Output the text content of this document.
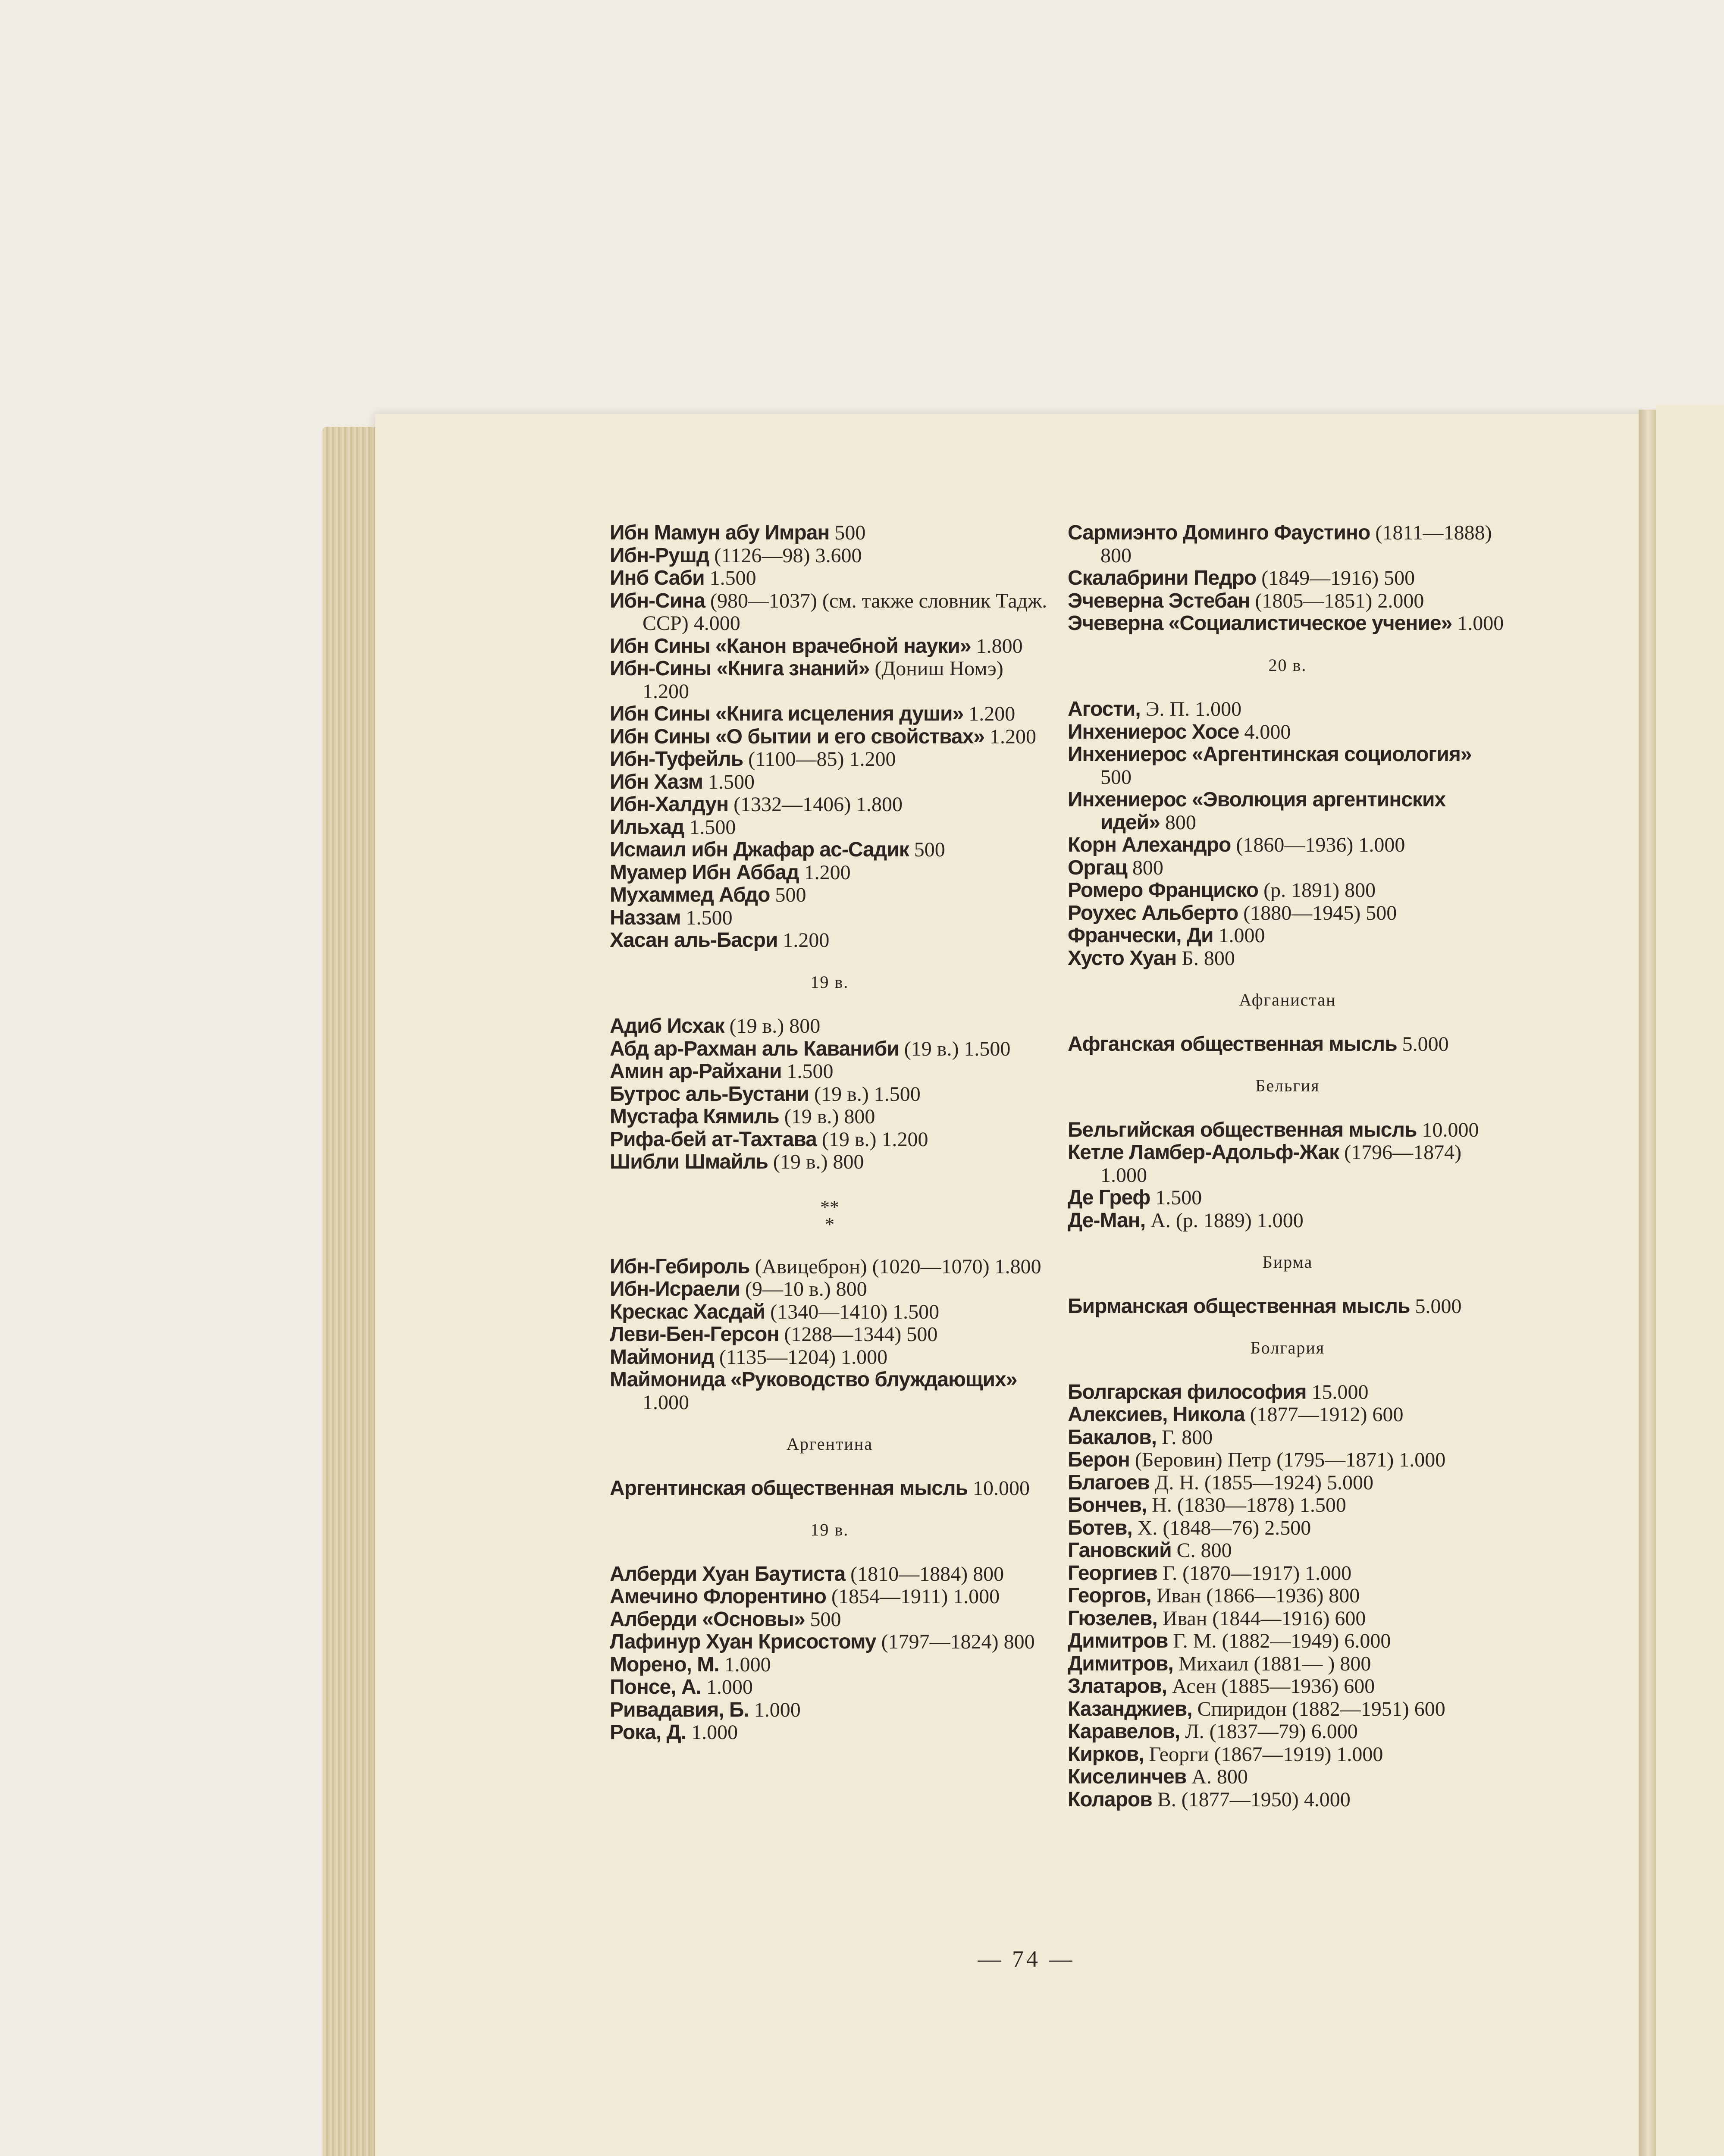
Ибн Мамун абу Имран 500

Ибн-Рушд (1126—98) 3.600

Инб Саби 1.500

Ибн-Сина (980—1037) (см. также словник Тадж. ССР) 4.000

Ибн Сины «Канон врачебной науки» 1.800

Ибн-Сины «Книга знаний» (Дониш Номэ) 1.200

Ибн Сины «Книга исцеления души» 1.200

Ибн Сины «О бытии и его свойствах» 1.200

Ибн-Туфейль (1100—85) 1.200

Ибн Хазм 1.500

Ибн-Халдун (1332—1406) 1.800

Ильхад 1.500

Исмаил ибн Джафар ас-Садик 500

Муамер Ибн Аббад 1.200

Мухаммед Абдо 500

Наззам 1.500

Хасан аль-Басри 1.200

19 в.

Адиб Исхак (19 в.) 800

Абд ар-Рахман аль Каваниби (19 в.) 1.500

Амин ар-Райхани 1.500

Бутрос аль-Бустани (19 в.) 1.500

Мустафа Кямиль (19 в.) 800

Рифа-бей ат-Тахтава (19 в.) 1.200

Шибли Шмайль (19 в.) 800

**
*

Ибн-Гебироль (Авицеброн) (1020—1070) 1.800

Ибн-Исраели (9—10 в.) 800

Крескас Хасдай (1340—1410) 1.500

Леви-Бен-Герсон (1288—1344) 500

Маймонид (1135—1204) 1.000

Маймонида «Руководство блуждающих» 1.000

Аргентина

Аргентинская общественная мысль 10.000

19 в.

Алберди Хуан Баутиста (1810—1884) 800

Амечино Флорентино (1854—1911) 1.000

Алберди «Основы» 500

Лафинур Хуан Крисостому (1797—1824) 800

Морено, М. 1.000

Понсе, А. 1.000

Ривадавия, Б. 1.000

Рока, Д. 1.000

Сармиэнто Доминго Фаустино (1811—1888) 800

Скалабрини Педро (1849—1916) 500

Эчеверна Эстебан (1805—1851) 2.000

Эчеверна «Социалистическое учение» 1.000

20 в.

Агости, Э. П. 1.000

Инхениерос Хосе 4.000

Инхениерос «Аргентинская социология» 500

Инхениерос «Эволюция аргентинских идей» 800

Корн Алехандро (1860—1936) 1.000

Оргац 800

Ромеро Франциско (р. 1891) 800

Роухес Альберто (1880—1945) 500

Франчески, Ди 1.000

Хусто Хуан Б. 800

Афганистан

Афганская общественная мысль 5.000

Бельгия

Бельгийская общественная мысль 10.000

Кетле Ламбер-Адольф-Жак (1796—1874) 1.000

Де Греф 1.500

Де-Ман, А. (р. 1889) 1.000

Бирма

Бирманская общественная мысль 5.000

Болгария

Болгарская философия 15.000

Алексиев, Никола (1877—1912) 600

Бакалов, Г. 800

Берон (Беровин) Петр (1795—1871) 1.000

Благоев Д. Н. (1855—1924) 5.000

Бончев, Н. (1830—1878) 1.500

Ботев, Х. (1848—76) 2.500

Гановский С. 800

Георгиев Г. (1870—1917) 1.000

Георгов, Иван (1866—1936) 800

Гюзелев, Иван (1844—1916) 600

Димитров Г. М. (1882—1949) 6.000

Димитров, Михаил (1881— ) 800

Златаров, Асен (1885—1936) 600

Казанджиев, Спиридон (1882—1951) 600

Каравелов, Л. (1837—79) 6.000

Кирков, Георги (1867—1919) 1.000

Киселинчев А. 800

Коларов В. (1877—1950) 4.000

— 74 —
